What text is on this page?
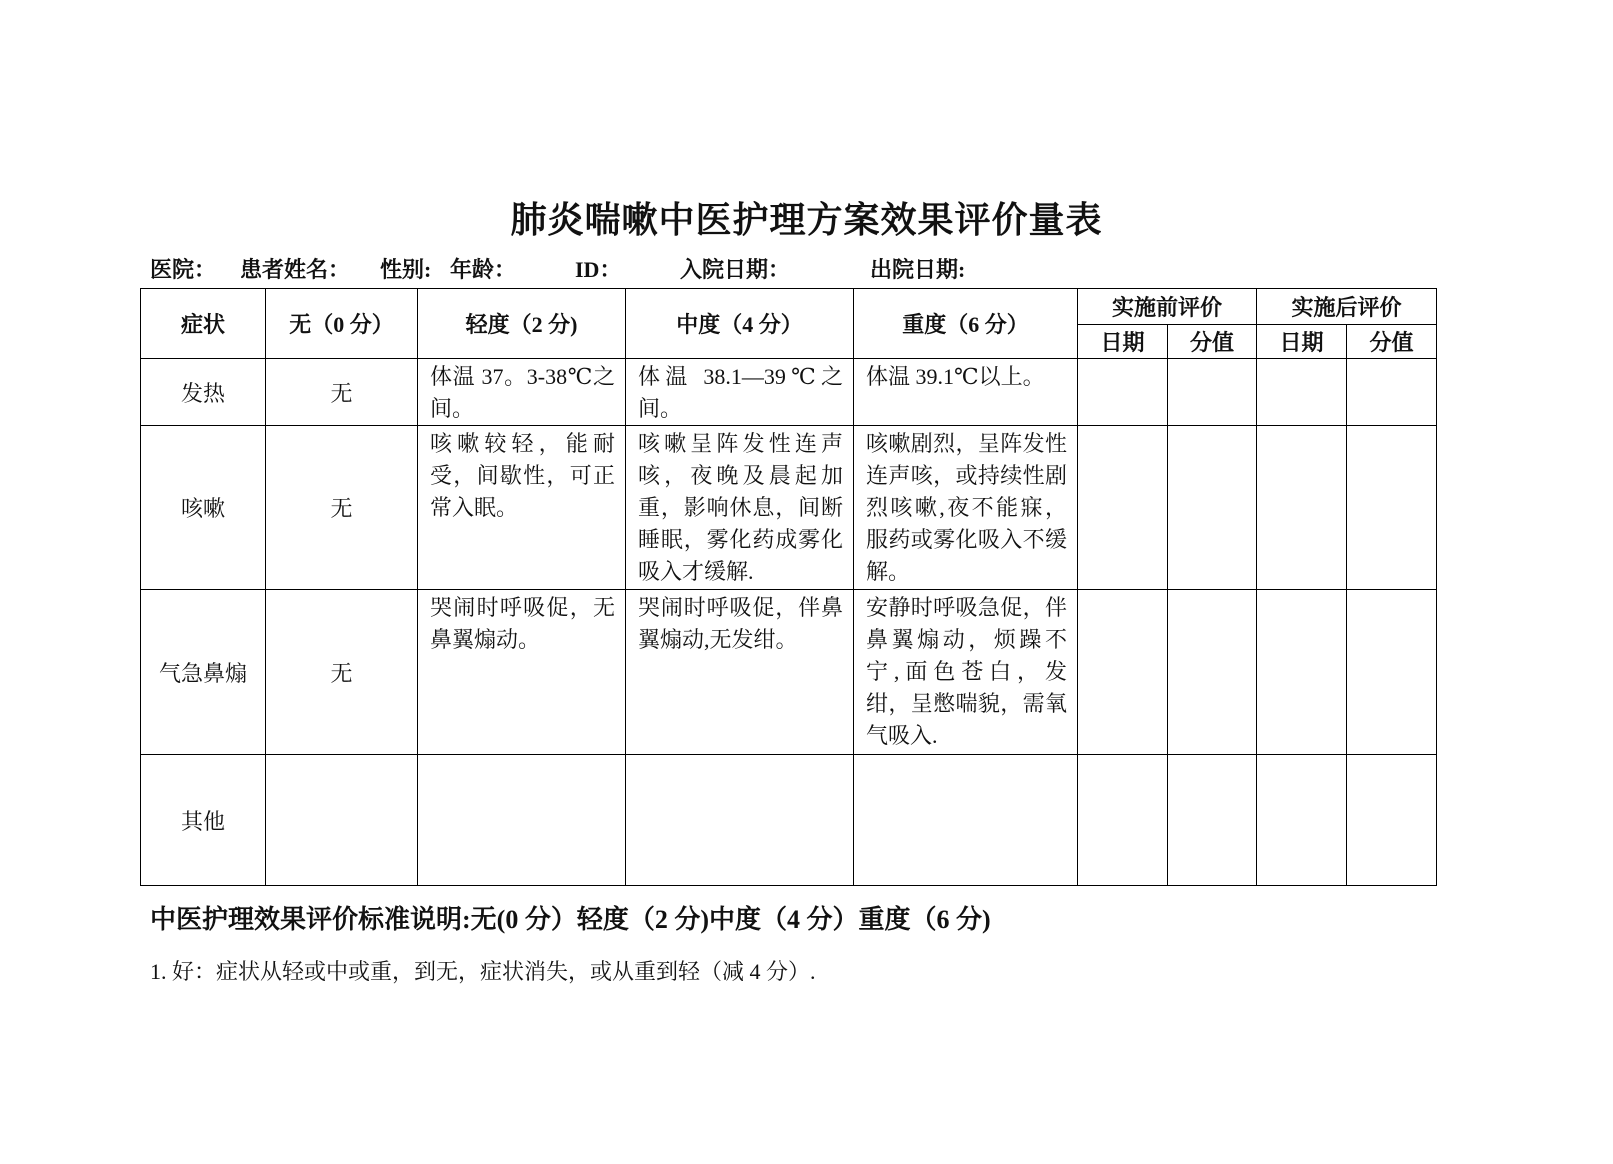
肺炎喘嗽中医护理方案效果评价量表
医院： 患者姓名： 性别: 年龄：	ID：	入院日期：	出院日期:
症状	无（0 分）	轻度（2 分)	中度（4 分）	重度（6 分）	实施前评价		实施后评价	
					日期	分值	日期	分值
发热	无	体温 37。3-38℃之间。	体温 38.1—39℃之间。	体温 39.1℃以上。				
咳嗽	无	咳嗽较轻，能耐受，间歇性，可正常入眠。	咳嗽呈阵发性连声咳，夜晚及晨起加重，影响休息，间断睡眠，雾化药成雾化吸入才缓解.	咳嗽剧烈，呈阵发性连声咳，或持续性剧烈咳嗽,夜不能寐，服药或雾化吸入不缓解。				
气急鼻煽	无	哭闹时呼吸促，无鼻翼煽动。	哭闹时呼吸促，伴鼻翼煽动,无发绀。	安静时呼吸急促，伴鼻翼煽动，烦躁不宁,面色苍白，发绀，呈憋喘貌，需氧气吸入.				
其他								
中医护理效果评价标准说明:无(0 分）轻度（2 分)中度（4 分）重度（6 分)
1. 好：症状从轻或中或重，到无，症状消失，或从重到轻（减 4 分）.
